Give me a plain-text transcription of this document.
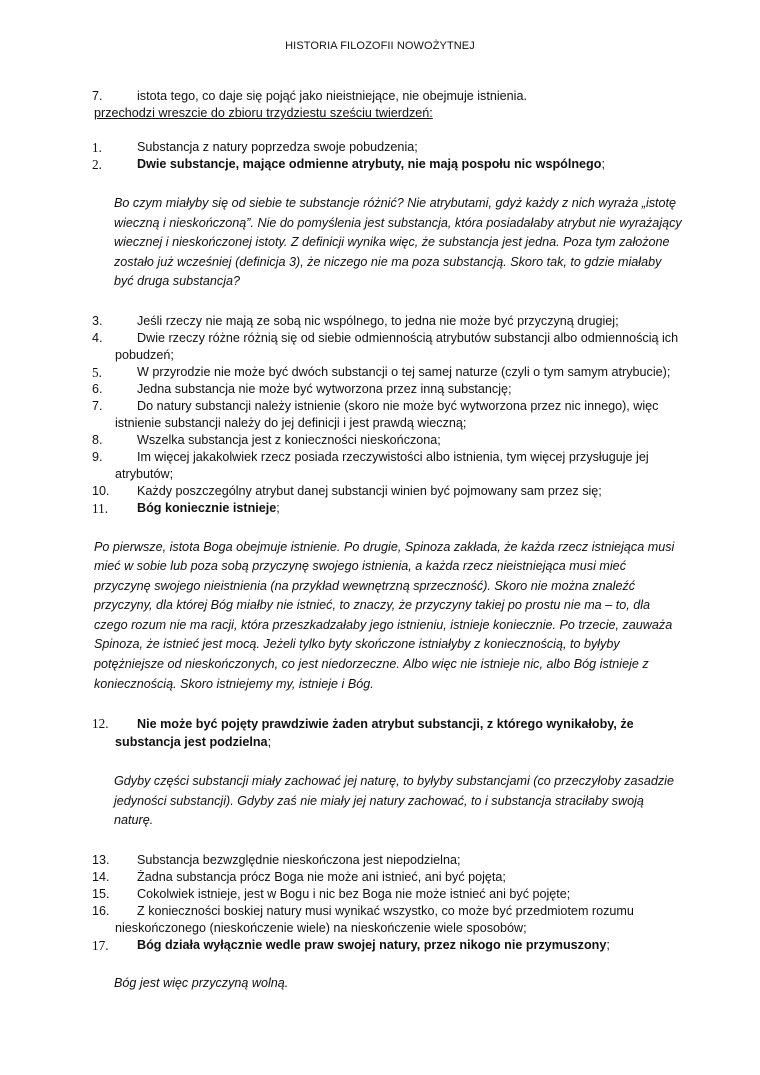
HISTORIA FILOZOFII NOWOŻYTNEJ

7.	istota tego, co daje się pojąć jako nieistniejące, nie obejmuje istnienia.

przechodzi wreszcie do zbioru trzydziestu sześciu twierdzeń:

1.	Substancja z natury poprzedza swoje pobudzenia;

2.	Dwie substancje, mające odmienne atrybuty, nie mają pospołu nic wspólnego;

Bo czym miałyby się od siebie te substancje różnić? Nie atrybutami, gdyż każdy z nich wyraża „istotę wieczną i nieskończoną”. Nie do pomyślenia jest substancja, która posiadałaby atrybut nie wyrażający wiecznej i nieskończonej istoty. Z definicji wynika więc, że substancja jest jedna. Poza tym założone zostało już wcześniej (definicja 3), że niczego nie ma poza substancją. Skoro tak, to gdzie miałaby być druga substancja?

3.	Jeśli rzeczy nie mają ze sobą nic wspólnego, to jedna nie może być przyczyną drugiej;

4.	Dwie rzeczy różne różnią się od siebie odmiennością atrybutów substancji albo odmiennością ich pobudzeń;

5.	W przyrodzie nie może być dwóch substancji o tej samej naturze (czyli o tym samym atrybucie);

6.	Jedna substancja nie może być wytworzona przez inną substancję;

7.	Do natury substancji należy istnienie (skoro nie może być wytworzona przez nic innego), więc istnienie substancji należy do jej definicji i jest prawdą wieczną;

8.	Wszelka substancja jest z konieczności nieskończona;

9.	Im więcej jakakolwiek rzecz posiada rzeczywistości albo istnienia, tym więcej przysługuje jej atrybutów;

10.	Każdy poszczególny atrybut danej substancji winien być pojmowany sam przez się;

11.	Bóg koniecznie istnieje;

Po pierwsze, istota Boga obejmuje istnienie. Po drugie, Spinoza zakłada, że każda rzecz istniejąca musi mieć w sobie lub poza sobą przyczynę swojego istnienia, a każda rzecz nieistniejąca musi mieć przyczynę swojego nieistnienia (na przykład wewnętrzną sprzeczność). Skoro nie można znaleźć przyczyny, dla której Bóg miałby nie istnieć, to znaczy, że przyczyny takiej po prostu nie ma – to, dla czego rozum nie ma racji, która przeszkadzałaby jego istnieniu, istnieje koniecznie. Po trzecie, zauważa Spinoza, że istnieć jest mocą. Jeżeli tylko byty skończone istniałyby z koniecznością, to byłyby potężniejsze od nieskończonych, co jest niedorzeczne. Albo więc nie istnieje nic, albo Bóg istnieje z koniecznością. Skoro istniejemy my, istnieje i Bóg.

12.	Nie może być pojęty prawdziwie żaden atrybut substancji, z którego wynikałoby, że substancja jest podzielna;

Gdyby części substancji miały zachować jej naturę, to byłyby substancjami (co przeczyłoby zasadzie jedyności substancji). Gdyby zaś nie miały jej natury zachować, to i substancja straciłaby swoją naturę.

13.	Substancja bezwzględnie nieskończona jest niepodzielna;

14.	Żadna substancja prócz Boga nie może ani istnieć, ani być pojęta;

15.	Cokolwiek istnieje, jest w Bogu i nic bez Boga nie może istnieć ani być pojęte;

16.	Z konieczności boskiej natury musi wynikać wszystko, co może być przedmiotem rozumu nieskończonego (nieskończenie wiele) na nieskończenie wiele sposobów;

17.	Bóg działa wyłącznie wedle praw swojej natury, przez nikogo nie przymuszony;

Bóg jest więc przyczyną wolną.
